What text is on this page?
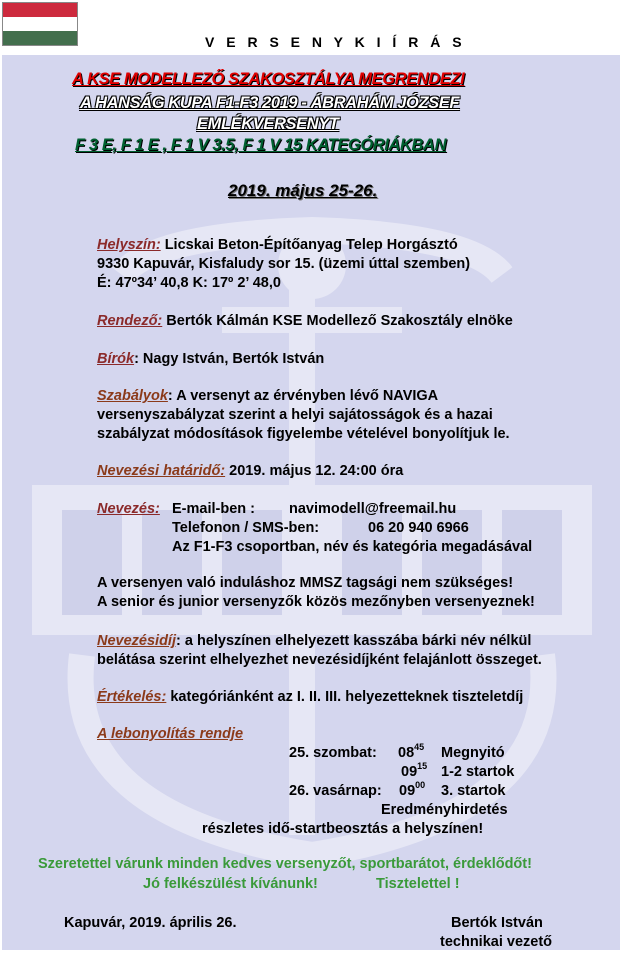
V E R S E N Y K I Í R Á S
A KSE MODELLEZŐ SZAKOSZTÁLYA MEGRENDEZI
A HANSÁG KUPA F1-F3 2019 - ÁBRAHÁM JÓZSEF
EMLÉKVERSENYT
F 3 E, F 1 E , F 1 V 3.5, F 1 V 15 KATEGÓRIÁKBAN
2019. május 25-26.
Helyszín: Licskai Beton-Építőanyag Telep Horgásztó
9330 Kapuvár, Kisfaludy sor 15. (üzemi úttal szemben)
É: 47º34’ 40,8 K: 17º 2’ 48,0
Rendező: Bertók Kálmán KSE Modellező Szakosztály elnöke
Bírók: Nagy István, Bertók István
Szabályok: A versenyt az érvényben lévő NAVIGA
versenyszabályzat szerint a helyi sajátosságok és a hazai
szabályzat módosítások figyelembe vételével bonyolítjuk le.
Nevezési határidő: 2019. május 12. 24:00 óra
Nevezés: E-mail-ben : navimodell@freemail.hu
Telefonon / SMS-ben:	06 20 940 6966
Az F1-F3 csoportban, név és kategória megadásával
A versenyen való induláshoz MMSZ tagsági nem szükséges!
A senior és junior versenyzők közös mezőnyben versenyeznek!
Nevezésidíj: a helyszínen elhelyezett kasszába bárki név nélkül
belátása szerint elhelyezhet nevezésidíjként felajánlott összeget.
Értékelés: kategóriánként az I. II. III. helyezetteknek tiszteletdíj
A lebonyolítás rendje
25. szombat: $08^{45}$ Megnyitó
$09^{15}$ 1-2 startok
26. vasárnap: $09^{00}$ 3. startok
Eredményhirdetés
részletes idő-startbeosztás a helyszínen!
Szeretettel várunk minden kedves versenyzőt, sportbarátot, érdeklődőt!
Jó felkészülést kívánunk!	Tisztelettel !
Kapuvár, 2019. április 26.	Bertók István
technikai vezető
